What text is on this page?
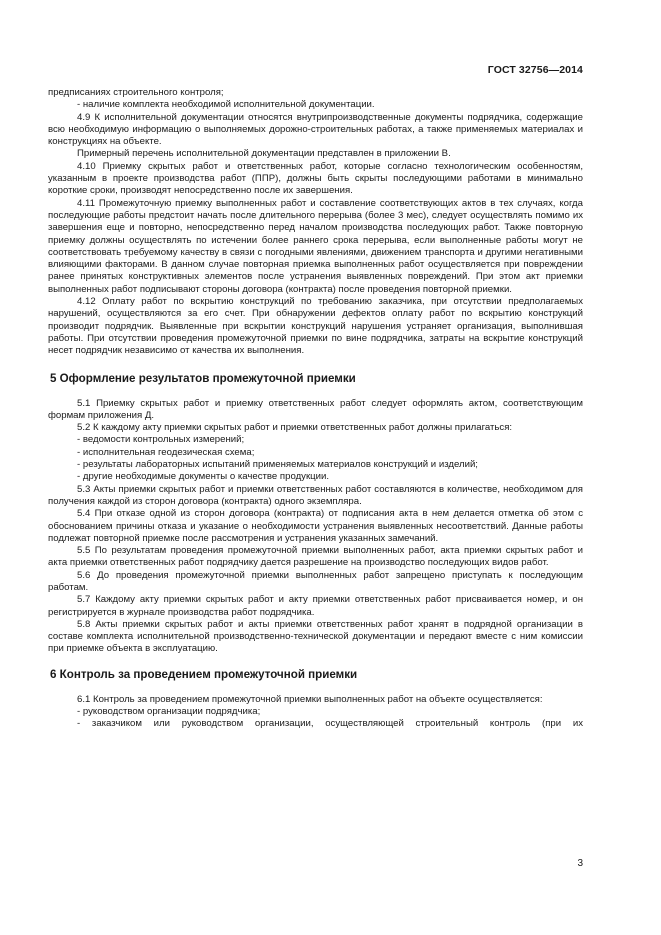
ГОСТ 32756—2014

предписаниях строительного контроля;

- наличие комплекта необходимой исполнительной документации.

4.9 К исполнительной документации относятся внутрипроизводственные документы подрядчика, содержащие всю необходимую информацию о выполняемых дорожно-строительных работах, а также применяемых материалах и конструкциях на объекте.

Примерный перечень исполнительной документации представлен в приложении В.

4.10 Приемку скрытых работ и ответственных работ, которые согласно технологическим особенностям, указанным в проекте производства работ (ППР), должны быть скрыты последующими работами в минимально короткие сроки, производят непосредственно после их завершения.

4.11 Промежуточную приемку выполненных работ и составление соответствующих актов в тех случаях, когда последующие работы предстоит начать после длительного перерыва (более 3 мес), следует осуществлять помимо их завершения еще и повторно, непосредственно перед началом производства последующих работ. Также повторную приемку должны осуществлять по истечении более раннего срока перерыва, если выполненные работы могут не соответствовать требуемому качеству в связи с погодными явлениями, движением транспорта и другими негативными влияющими факторами. В данном случае повторная приемка выполненных работ осуществляется при повреждении ранее принятых конструктивных элементов после устранения выявленных повреждений. При этом акт приемки выполненных работ подписывают стороны договора (контракта) после проведения повторной приемки.

4.12 Оплату работ по вскрытию конструкций по требованию заказчика, при отсутствии предполагаемых нарушений, осуществляются за его счет. При обнаружении дефектов оплату работ по вскрытию конструкций производит подрядчик. Выявленные при вскрытии конструкций нарушения устраняет организация, выполнившая работы. При отсутствии проведения промежуточной приемки по вине подрядчика, затраты на вскрытие конструкций несет подрядчик независимо от качества их выполнения.

5 Оформление результатов промежуточной приемки

5.1 Приемку скрытых работ и приемку ответственных работ следует оформлять актом, соответствующим формам приложения Д.

5.2 К каждому акту приемки скрытых работ и приемки ответственных работ должны прилагаться:

- ведомости контрольных измерений;

- исполнительная геодезическая схема;

- результаты лабораторных испытаний применяемых материалов конструкций и изделий;

- другие необходимые документы о качестве продукции.

5.3 Акты приемки скрытых работ и приемки ответственных работ составляются в количестве, необходимом для получения каждой из сторон договора (контракта) одного экземпляра.

5.4 При отказе одной из сторон договора (контракта) от подписания акта в нем делается отметка об этом с обоснованием причины отказа и указание о необходимости устранения выявленных несоответствий. Данные работы подлежат повторной приемке после рассмотрения и устранения указанных замечаний.

5.5 По результатам проведения промежуточной приемки выполненных работ, акта приемки скрытых работ и акта приемки ответственных работ подрядчику дается разрешение на производство последующих видов работ.

5.6 До проведения промежуточной приемки выполненных работ запрещено приступать к последующим работам.

5.7 Каждому акту приемки скрытых работ и акту приемки ответственных работ присваивается номер, и он регистрируется в журнале производства работ подрядчика.

5.8 Акты приемки скрытых работ и акты приемки ответственных работ хранят в подрядной организации в составе комплекта исполнительной производственно-технической документации и передают вместе с ним комиссии при приемке объекта в эксплуатацию.

6 Контроль за проведением промежуточной приемки

6.1 Контроль за проведением промежуточной приемки выполненных работ на объекте осуществляется:

- руководством организации подрядчика;

- заказчиком или руководством организации, осуществляющей строительный контроль (при их

3
